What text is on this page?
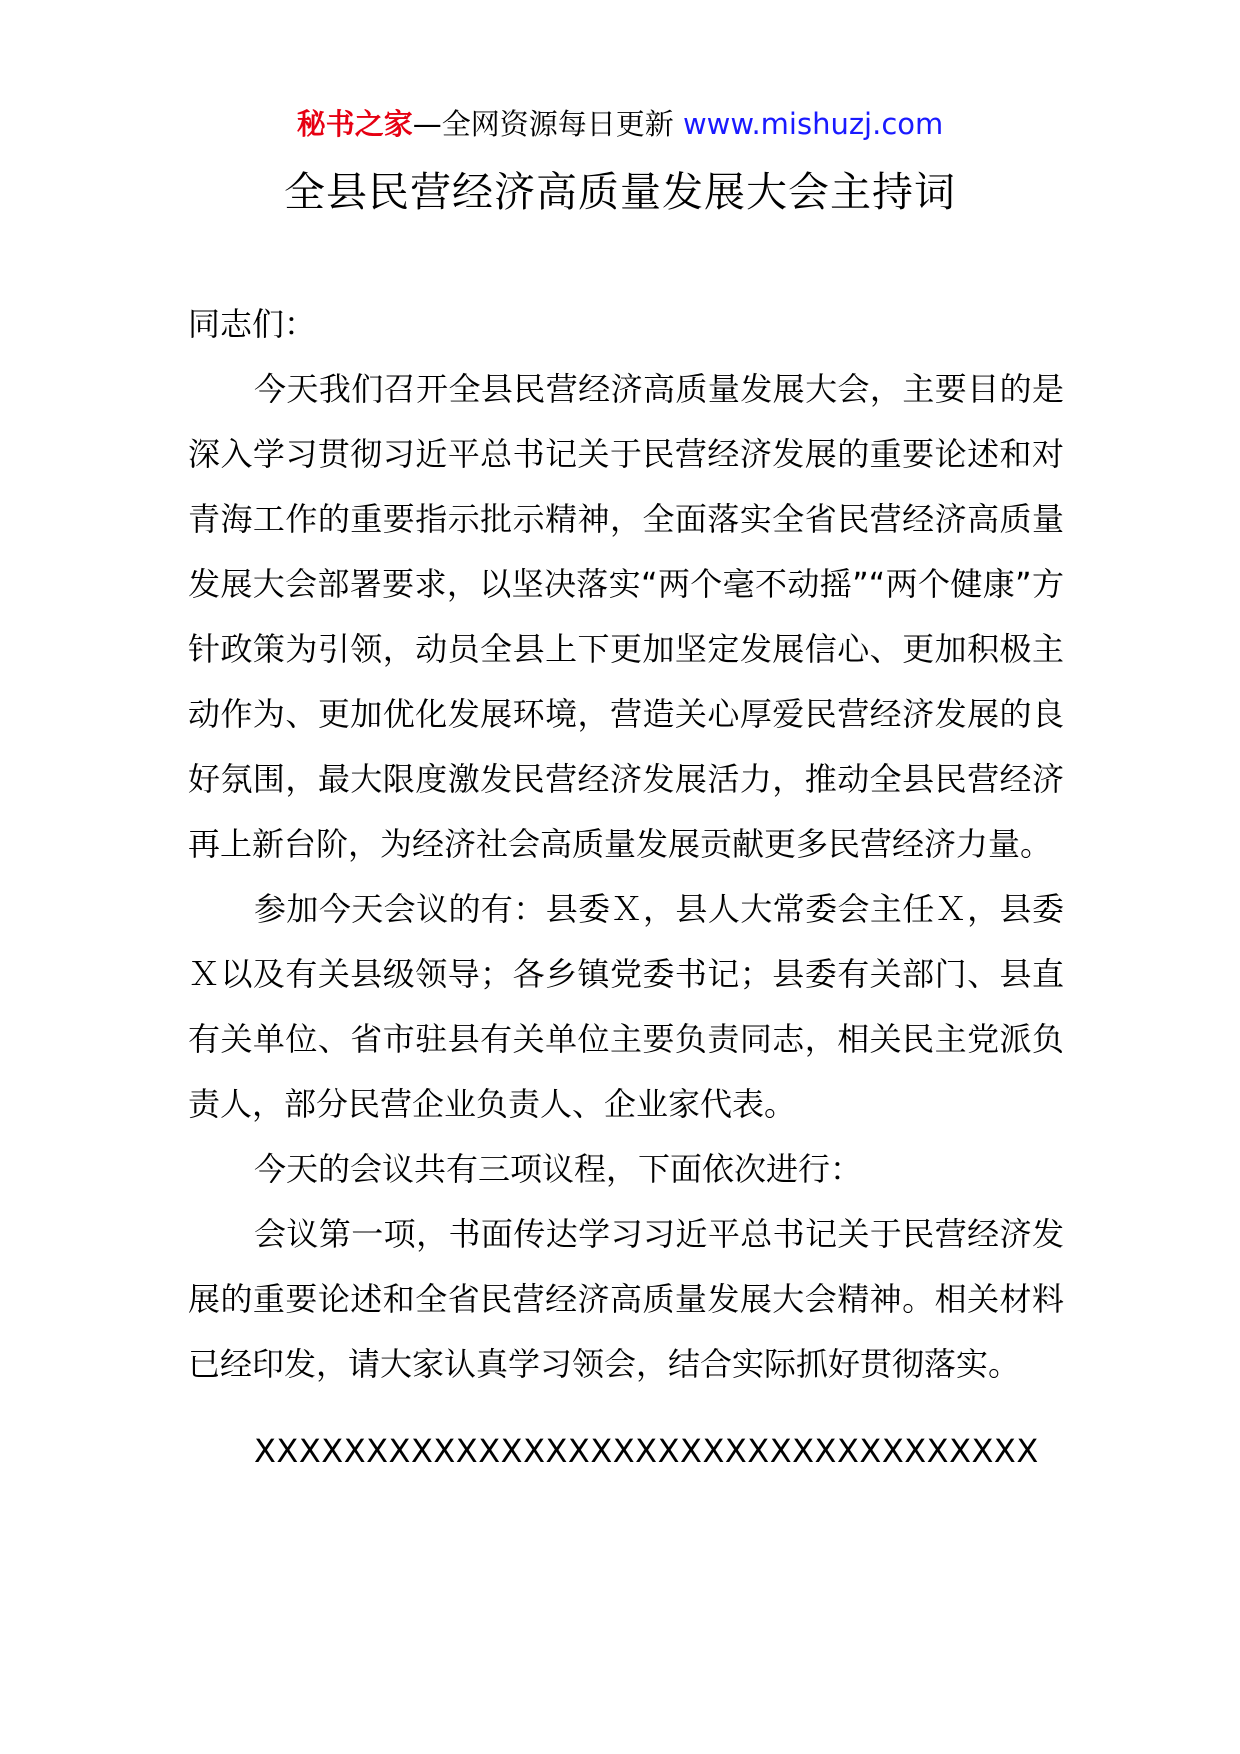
秘书之家—全网资源每日更新 www.mishuzj.com
全县民营经济高质量发展大会主持词

同志们：

今天我们召开全县民营经济高质量发展大会，主要目的是深入学习贯彻习近平总书记关于民营经济发展的重要论述和对青海工作的重要指示批示精神，全面落实全省民营经济高质量发展大会部署要求，以坚决落实“两个毫不动摇”“两个健康”方针政策为引领，动员全县上下更加坚定发展信心、更加积极主动作为、更加优化发展环境，营造关心厚爱民营经济发展的良好氛围，最大限度激发民营经济发展活力，推动全县民营经济再上新台阶，为经济社会高质量发展贡献更多民营经济力量。

参加今天会议的有：县委Ｘ，县人大常委会主任Ｘ，县委Ｘ以及有关县级领导；各乡镇党委书记；县委有关部门、县直有关单位、省市驻县有关单位主要负责同志，相关民主党派负责人，部分民营企业负责人、企业家代表。

今天的会议共有三项议程，下面依次进行：

会议第一项，书面传达学习习近平总书记关于民营经济发展的重要论述和全省民营经济高质量发展大会精神。相关材料已经印发，请大家认真学习领会，结合实际抓好贯彻落实。

XXXXXXXXXXXXXXXXXXXXXXXXXXXXXXXXXXX
